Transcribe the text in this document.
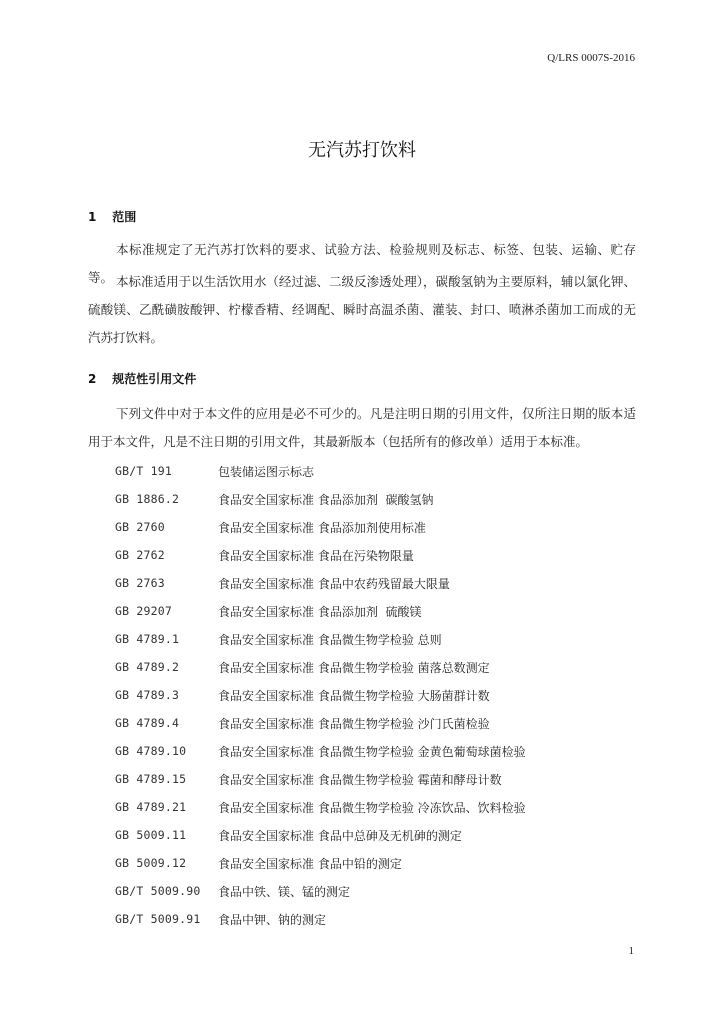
Q/LRS 0007S-2016
无汽苏打饮料
1 范围
本标准规定了无汽苏打饮料的要求、试验方法、检验规则及标志、标签、包装、运输、贮存等。 本标准适用于以生活饮用水（经过滤、二级反渗透处理），碳酸氢钠为主要原料，辅以氯化钾、硫酸镁、乙酰磺胺酸钾、柠檬香精、经调配、瞬时高温杀菌、灌装、封口、喷淋杀菌加工而成的无汽苏打饮料。
2 规范性引用文件
下列文件中对于本文件的应用是必不可少的。凡是注明日期的引用文件，仅所注日期的版本适用于本文件，凡是不注日期的引用文件，其最新版本（包括所有的修改单）适用于本标准。
GB/T 191	包装储运图示标志
GB 1886.2	食品安全国家标准 食品添加剂  碳酸氢钠
GB 2760	食品安全国家标准 食品添加剂使用标准
GB 2762	食品安全国家标准 食品在污染物限量
GB 2763	食品安全国家标准 食品中农药残留最大限量
GB 29207	食品安全国家标准 食品添加剂  硫酸镁
GB 4789.1	食品安全国家标准 食品微生物学检验 总则
GB 4789.2	食品安全国家标准 食品微生物学检验 菌落总数测定
GB 4789.3	食品安全国家标准 食品微生物学检验 大肠菌群计数
GB 4789.4	食品安全国家标准 食品微生物学检验 沙门氏菌检验
GB 4789.10	食品安全国家标准 食品微生物学检验 金黄色葡萄球菌检验
GB 4789.15	食品安全国家标准 食品微生物学检验 霉菌和酵母计数
GB 4789.21	食品安全国家标准 食品微生物学检验 冷冻饮品、饮料检验
GB 5009.11	食品安全国家标准 食品中总砷及无机砷的测定
GB 5009.12	食品安全国家标准 食品中铅的测定
GB/T 5009.90 食品中铁、镁、锰的测定
GB/T 5009.91 食品中钾、钠的测定
1
